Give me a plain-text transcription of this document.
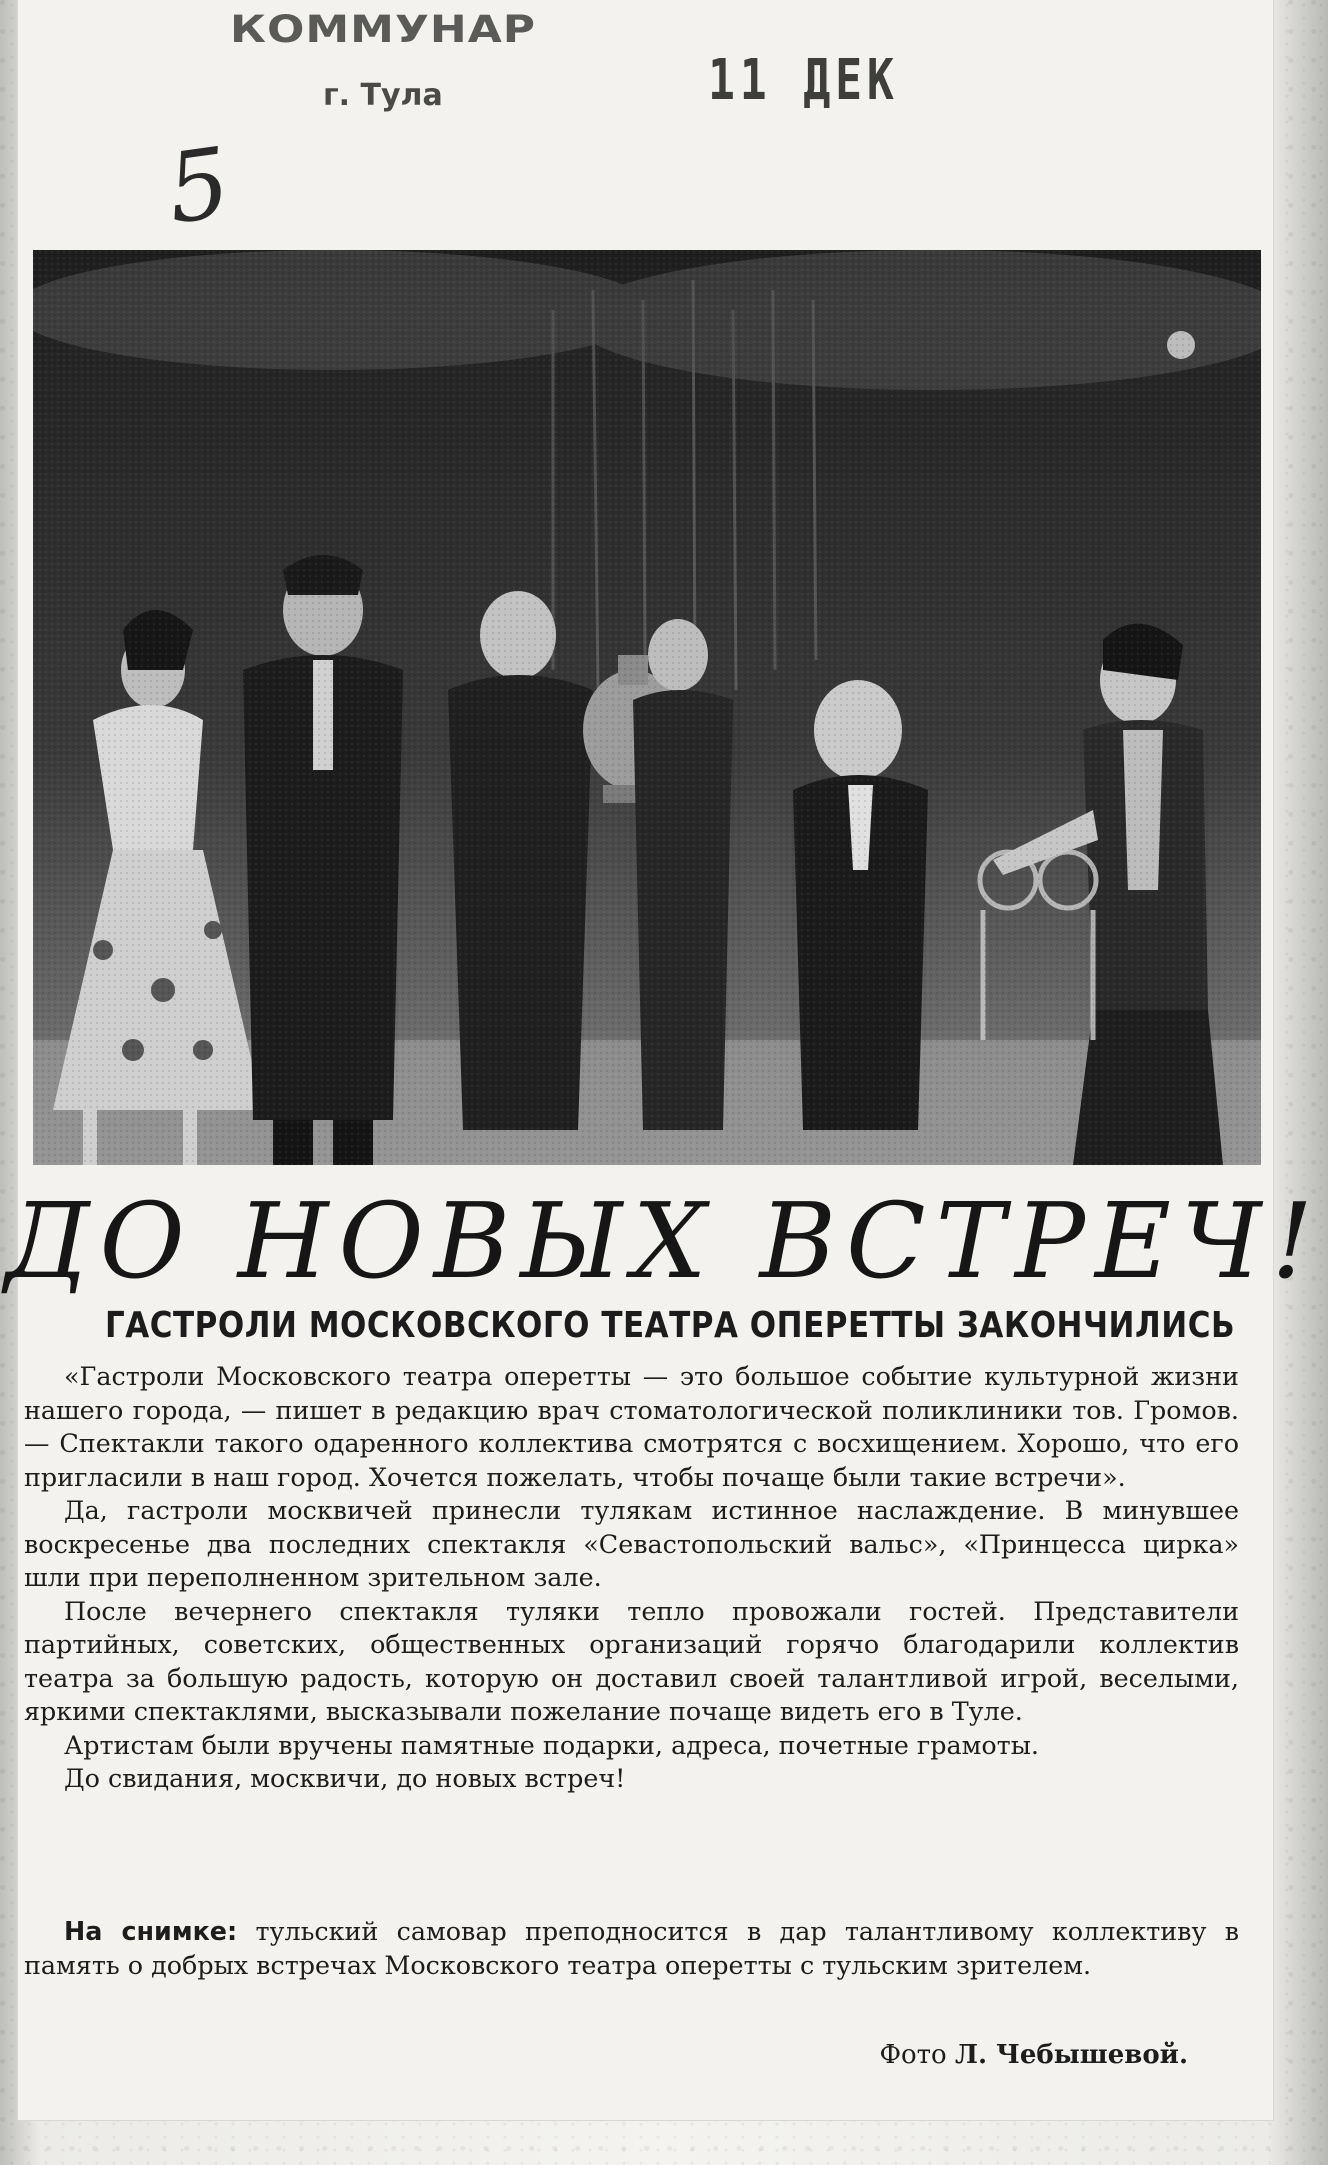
КОММУНАР
г. Тула	11 ДЕК
5
ДО НОВЫХ ВСТРЕЧ!
ГАСТРОЛИ МОСКОВСКОГО ТЕАТРА ОПЕРЕТТЫ ЗАКОНЧИЛИСЬ

«Гастроли Московского театра оперетты — это большое событие культурной жизни нашего города, — пишет в редакцию врач стоматологической поликлиники тов. Громов. — Спектакли такого одаренного коллектива смотрятся с восхищением. Хорошо, что его пригласили в наш город. Хочется пожелать, чтобы почаще были такие встречи».

Да, гастроли москвичей принесли тулякам истинное наслаждение. В минувшее воскресенье два последних спектакля «Севастопольский вальс», «Принцесса цирка» шли при переполненном зрительном зале.

После вечернего спектакля туляки тепло провожали гостей. Представители партийных, советских, общественных организаций горячо благодарили коллектив театра за большую радость, которую он доставил своей талантливой игрой, веселыми, яркими спектаклями, высказывали пожелание почаще видеть его в Туле.

Артистам были вручены памятные подарки, адреса, почетные грамоты.

До свидания, москвичи, до новых встреч!

На снимке: тульский самовар преподносится в дар талантливому коллективу в память о добрых встречах Московского театра оперетты с тульским зрителем.
Фото Л. Чебышевой.
